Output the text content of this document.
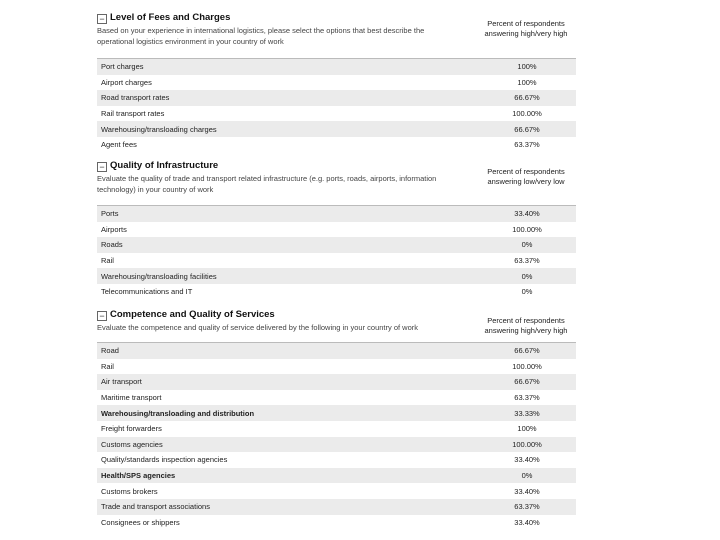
− Level of Fees and Charges
Based on your experience in international logistics, please select the options that best describe the operational logistics environment in your country of work
Percent of respondents answering high/very high
Port charges	100%
Airport charges	100%
Road transport rates	66.67%
Rail transport rates	100.00%
Warehousing/transloading charges	66.67%
Agent fees	63.37%
− Quality of Infrastructure
Evaluate the quality of trade and transport related infrastructure (e.g. ports, roads, airports, information technology) in your country of work
Percent of respondents answering low/very low
Ports	33.40%
Airports	100.00%
Roads	0%
Rail	63.37%
Warehousing/transloading facilities	0%
Telecommunications and IT	0%
− Competence and Quality of Services
Evaluate the competence and quality of service delivered by the following in your country of work
Percent of respondents answering high/very high
Road	66.67%
Rail	100.00%
Air transport	66.67%
Maritime transport	63.37%
Warehousing/transloading and distribution	33.33%
Freight forwarders	100%
Customs agencies	100.00%
Quality/standards inspection agencies	33.40%
Health/SPS agencies	0%
Customs brokers	33.40%
Trade and transport associations	63.37%
Consignees or shippers	33.40%
